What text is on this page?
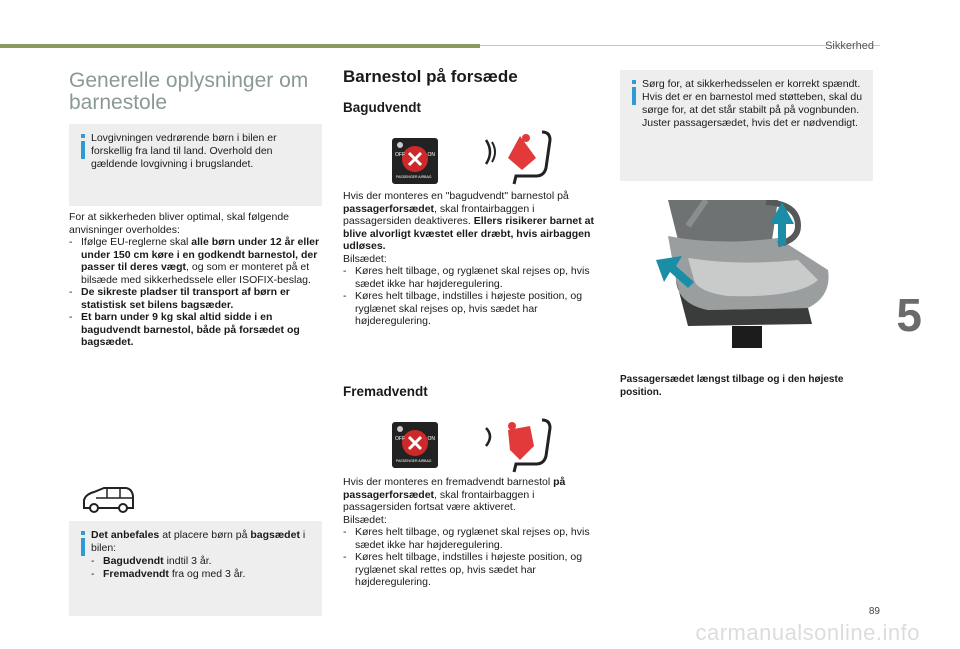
Sikkerhed
5
89
carmanualsonline.info
Generelle oplysninger om barnestole
Lovgivningen vedrørende børn i bilen er forskellig fra land til land. Overhold den gældende lovgivning i brugslandet.
For at sikkerheden bliver optimal, skal følgende anvisninger overholdes:
- Ifølge EU-reglerne skal alle børn under 12 år eller under 150 cm køre i en godkendt barnestol, der passer til deres vægt, og som er monteret på et bilsæde med sikkerhedssele eller ISOFIX-beslag.
- De sikreste pladser til transport af børn er statistisk set bilens bagsæder.
- Et barn under 9 kg skal altid sidde i en bagudvendt barnestol, både på forsædet og bagsædet.
Det anbefales at placere børn på bagsædet i bilen:
- Bagudvendt indtil 3 år.
- Fremadvendt fra og med 3 år.
Barnestol på forsæde
Bagudvendt
OFF	ON
PASSENGER AIRBAG
Hvis der monteres en "bagudvendt" barnestol på passagerforsædet, skal frontairbaggen i passagersiden deaktiveres. Ellers risikerer barnet at blive alvorligt kvæstet eller dræbt, hvis airbaggen udløses.
Bilsædet:
- Køres helt tilbage, og ryglænet skal rejses op, hvis sædet ikke har højderegulering.
- Køres helt tilbage, indstilles i højeste position, og ryglænet skal rejses op, hvis sædet har højderegulering.
Fremadvendt
OFF	ON
PASSENGER AIRBAG
Hvis der monteres en fremadvendt barnestol på passagerforsædet, skal frontairbaggen i passagersiden fortsat være aktiveret.
Bilsædet:
- Køres helt tilbage, og ryglænet skal rejses op, hvis sædet ikke har højderegulering.
- Køres helt tilbage, indstilles i højeste position, og ryglænet skal rettes op, hvis sædet har højderegulering.
Sørg for, at sikkerhedsselen er korrekt spændt.
Hvis det er en barnestol med støtteben, skal du sørge for, at det står stabilt på på vognbunden. Juster passagersædet, hvis det er nødvendigt.
Passagersædet længst tilbage og i den højeste position.
